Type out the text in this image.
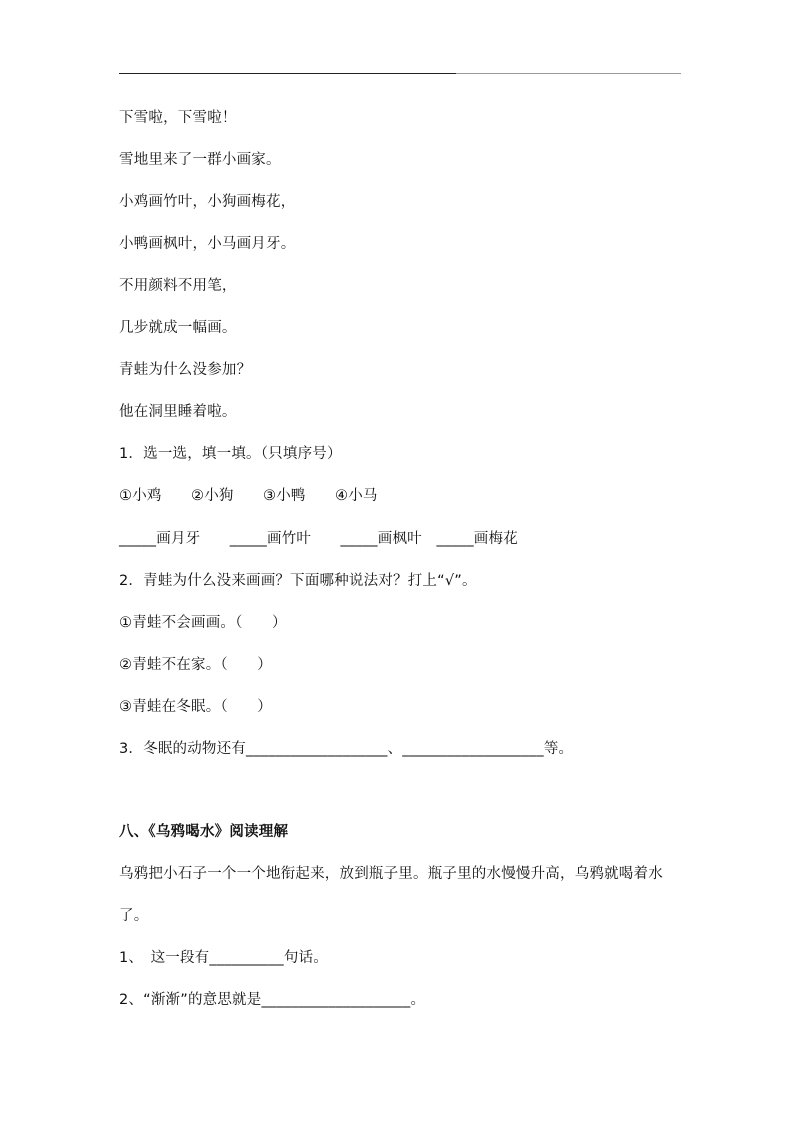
下雪啦，下雪啦！
雪地里来了一群小画家。
小鸡画竹叶，小狗画梅花，
小鸭画枫叶，小马画月牙。
不用颜料不用笔，
几步就成一幅画。
青蛙为什么没参加？
他在洞里睡着啦。
1．选一选，填一填。（只填序号）
①小鸡　　②小狗　　③小鸭　　④小马
_____画月牙　　_____画竹叶　　_____画枫叶　_____画梅花
2．青蛙为什么没来画画？下面哪种说法对？打上“√”。
①青蛙不会画画。（　　）
②青蛙不在家。（　　）
③青蛙在冬眠。（　　）
3．冬眠的动物还有___________________、___________________等。
八、《乌鸦喝水》阅读理解
乌鸦把小石子一个一个地衔起来，放到瓶子里。瓶子里的水慢慢升高，乌鸦就喝着水
了。
1、　这一段有__________句话。
2、“渐渐”的意思就是____________________。
